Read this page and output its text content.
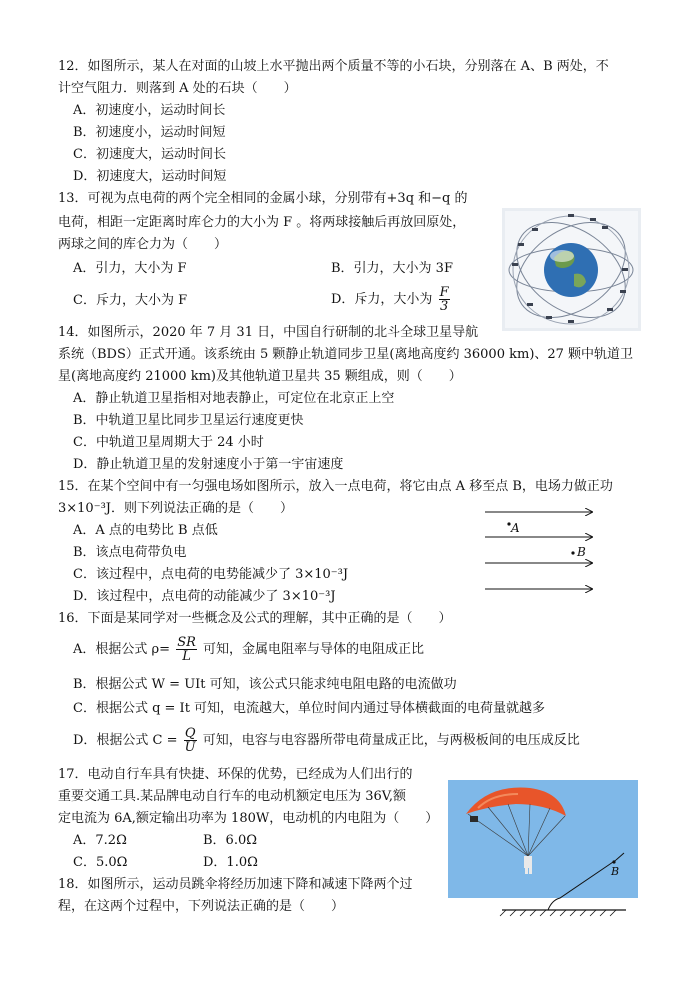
12．如图所示，某人在对面的山坡上水平抛出两个质量不等的小石块，分别落在 A、B 两处，不
计空气阻力．则落到 A 处的石块（　　）
A．初速度小，运动时间长
B．初速度小，运动时间短
C．初速度大，运动时间长
D．初速度大，运动时间短
13．可视为点电荷的两个完全相同的金属小球，分别带有+3q 和−q 的
电荷，相距一定距离时库仑力的大小为 F 。将两球接触后再放回原处，
两球之间的库仑力为（　　）
A．引力，大小为 F	B．引力，大小为 3F
C．斥力，大小为 F	D．斥力，大小为 $\frac{F}{3}$
14．如图所示，2020 年 7 月 31 日，中国自行研制的北斗全球卫星导航
系统（BDS）正式开通。该系统由 5 颗静止轨道同步卫星(离地高度约 36000 km)、27 颗中轨道卫
星(离地高度约 21000 km)及其他轨道卫星共 35 颗组成，则（　　）
A．静止轨道卫星指相对地表静止，可定位在北京正上空
B．中轨道卫星比同步卫星运行速度更快
C．中轨道卫星周期大于 24 小时
D．静止轨道卫星的发射速度小于第一宇宙速度
15．在某个空间中有一匀强电场如图所示，放入一点电荷，将它由点 A 移至点 B，电场力做正功
3×10⁻³J．则下列说法正确的是（　　）
A．A 点的电势比 B 点低
B．该点电荷带负电
C．该过程中，点电荷的电势能减少了 3×10⁻³J
D．该过程中，点电荷的动能减少了 3×10⁻³J
A
B
16．下面是某同学对一些概念及公式的理解，其中正确的是（　　）
A．根据公式 $\rho= \frac{SR}{L}$ 可知，金属电阻率与导体的电阻成正比
B．根据公式 W = UIt 可知，该公式只能求纯电阻电路的电流做功
C．根据公式 q = It 可知，电流越大，单位时间内通过导体横截面的电荷量就越多
D．根据公式 $C = \frac{Q}{U}$ 可知，电容与电容器所带电荷量成正比，与两极板间的电压成反比
17．电动自行车具有快捷、环保的优势，已经成为人们出行的
重要交通工具.某品牌电动自行车的电动机额定电压为 36V,额
定电流为 6A,额定输出功率为 180W，电动机的内电阻为（　　）
A．7.2Ω	B．6.0Ω
C．5.0Ω	D．1.0Ω
B
18．如图所示，运动员跳伞将经历加速下降和减速下降两个过
程，在这两个过程中，下列说法正确的是（　　）
